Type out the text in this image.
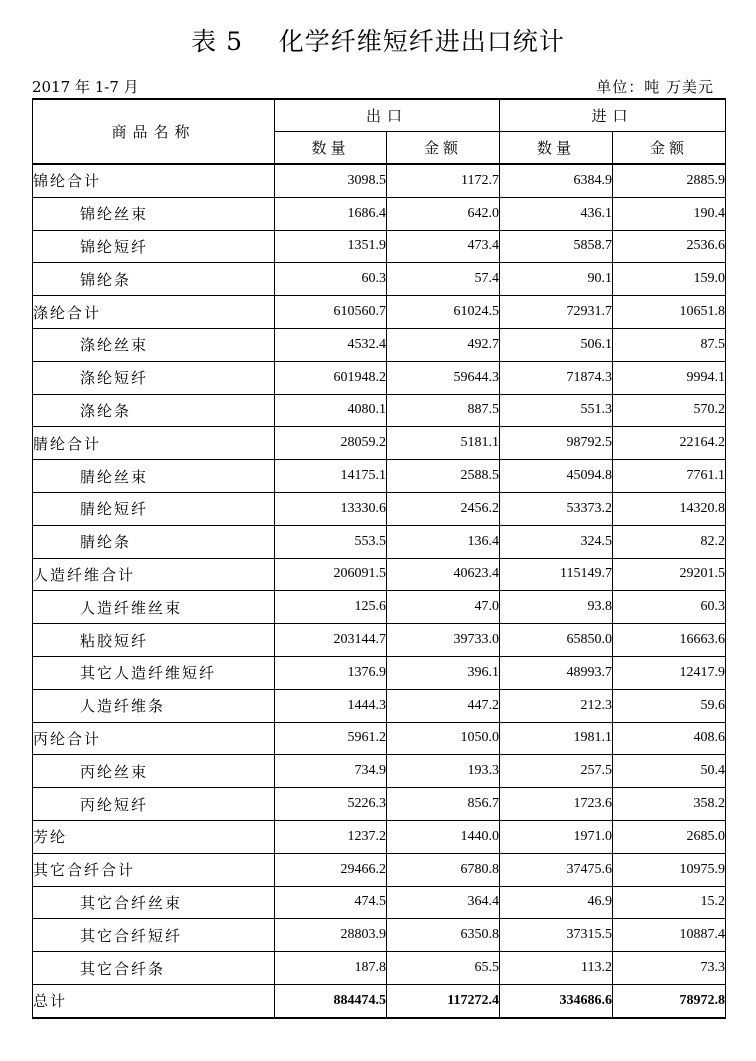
表 5    化学纤维短纤进出口统计
2017 年 1-7 月	单位：吨 万美元
商品名称	出口		进口	
	数量	金额	数量	金额
锦纶合计	3098.5	1172.7	6384.9	2885.9
锦纶丝束	1686.4	642.0	436.1	190.4
锦纶短纤	1351.9	473.4	5858.7	2536.6
锦纶条	60.3	57.4	90.1	159.0
涤纶合计	610560.7	61024.5	72931.7	10651.8
涤纶丝束	4532.4	492.7	506.1	87.5
涤纶短纤	601948.2	59644.3	71874.3	9994.1
涤纶条	4080.1	887.5	551.3	570.2
腈纶合计	28059.2	5181.1	98792.5	22164.2
腈纶丝束	14175.1	2588.5	45094.8	7761.1
腈纶短纤	13330.6	2456.2	53373.2	14320.8
腈纶条	553.5	136.4	324.5	82.2
人造纤维合计	206091.5	40623.4	115149.7	29201.5
人造纤维丝束	125.6	47.0	93.8	60.3
粘胶短纤	203144.7	39733.0	65850.0	16663.6
其它人造纤维短纤	1376.9	396.1	48993.7	12417.9
人造纤维条	1444.3	447.2	212.3	59.6
丙纶合计	5961.2	1050.0	1981.1	408.6
丙纶丝束	734.9	193.3	257.5	50.4
丙纶短纤	5226.3	856.7	1723.6	358.2
芳纶	1237.2	1440.0	1971.0	2685.0
其它合纤合计	29466.2	6780.8	37475.6	10975.9
其它合纤丝束	474.5	364.4	46.9	15.2
其它合纤短纤	28803.9	6350.8	37315.5	10887.4
其它合纤条	187.8	65.5	113.2	73.3
总计	884474.5	117272.4	334686.6	78972.8
